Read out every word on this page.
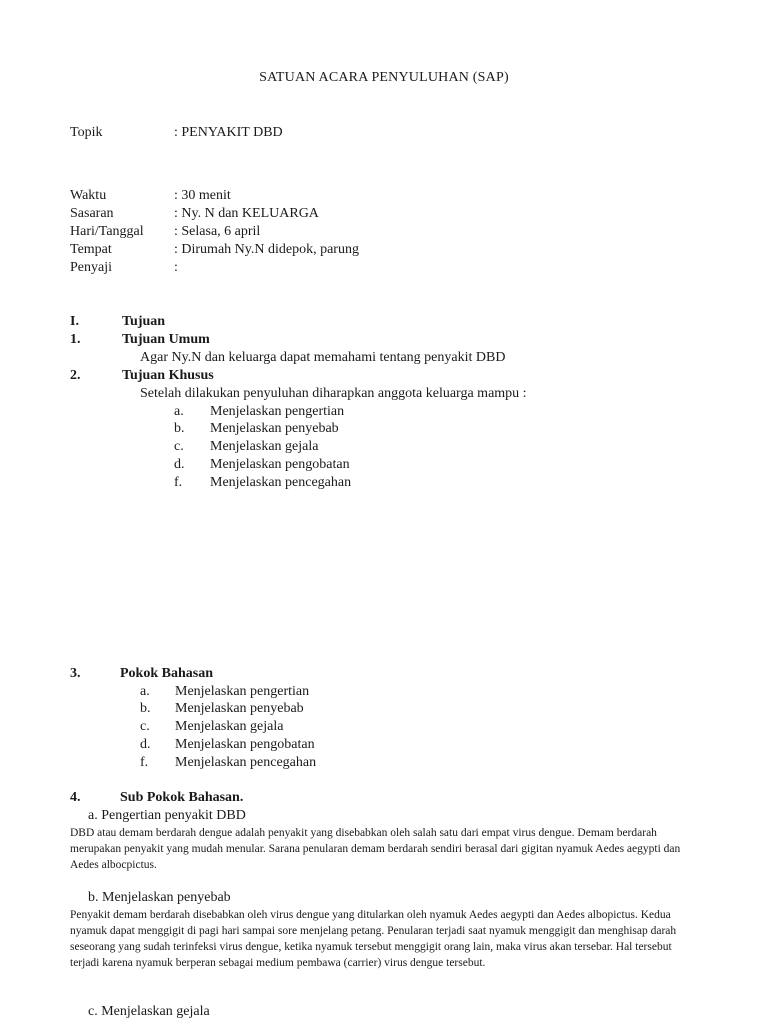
SATUAN ACARA PENYULUHAN (SAP)
Topik	: PENYAKIT DBD
Waktu	: 30 menit
Sasaran	: Ny. N dan KELUARGA
Hari/Tanggal : Selasa, 6 april
Tempat	: Dirumah Ny.N didepok, parung
Penyaji	:
I.	Tujuan
1.	Tujuan Umum
Agar Ny.N dan keluarga dapat memahami tentang penyakit DBD
2.	Tujuan Khusus
Setelah dilakukan penyuluhan diharapkan anggota keluarga mampu :
a. Menjelaskan pengertian
b. Menjelaskan penyebab
c. Menjelaskan gejala
d. Menjelaskan pengobatan
f. Menjelaskan pencegahan
3.	Pokok Bahasan
a. Menjelaskan pengertian
b. Menjelaskan penyebab
c. Menjelaskan gejala
d. Menjelaskan pengobatan
f. Menjelaskan pencegahan
4.	Sub Pokok Bahasan.
a. Pengertian penyakit DBD
DBD atau demam berdarah dengue adalah penyakit yang disebabkan oleh salah satu dari empat virus dengue. Demam berdarah merupakan penyakit yang mudah menular. Sarana penularan demam berdarah sendiri berasal dari gigitan nyamuk Aedes aegypti dan Aedes albocpictus.
b. Menjelaskan penyebab
Penyakit demam berdarah disebabkan oleh virus dengue yang ditularkan oleh nyamuk Aedes aegypti dan Aedes albopictus. Kedua nyamuk dapat menggigit di pagi hari sampai sore menjelang petang. Penularan terjadi saat nyamuk menggigit dan menghisap darah seseorang yang sudah terinfeksi virus dengue, ketika nyamuk tersebut menggigit orang lain, maka virus akan tersebar. Hal tersebut terjadi karena nyamuk berperan sebagai medium pembawa (carrier) virus dengue tersebut.
c. Menjelaskan gejala
